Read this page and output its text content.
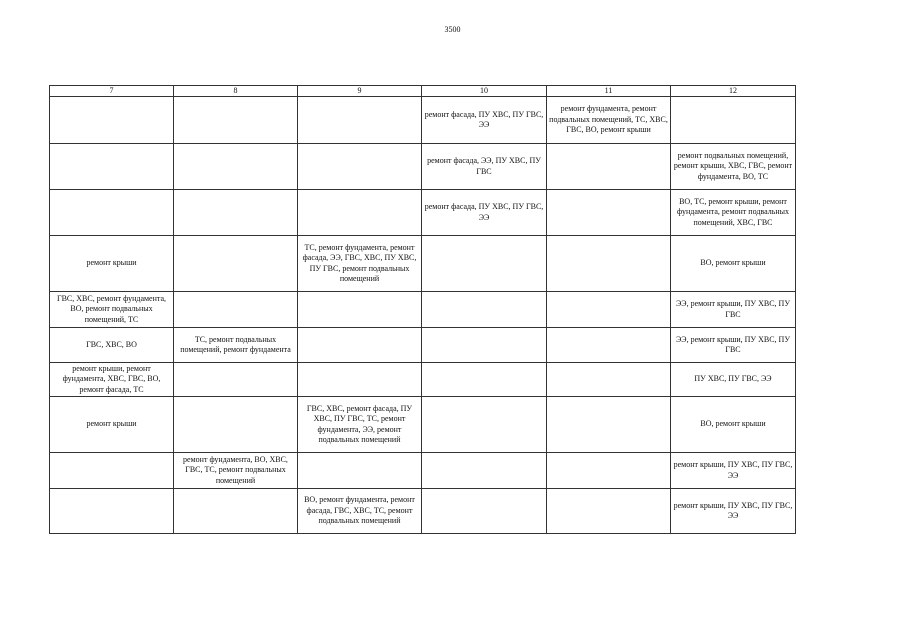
3500
7	8	9	10	11	12
			ремонт фасада, ПУ ХВС, ПУ ГВС, ЭЭ	ремонт фундамента, ремонт подвальных помещений, ТС, ХВС, ГВС, ВО, ремонт крыши	
			ремонт фасада, ЭЭ, ПУ ХВС, ПУ ГВС		ремонт подвальных помещений, ремонт крыши, ХВС, ГВС, ремонт фундамента, ВО, ТС
			ремонт фасада, ПУ ХВС, ПУ ГВС, ЭЭ		ВО, ТС, ремонт крыши, ремонт фундамента, ремонт подвальных помещений, ХВС, ГВС
ремонт крыши		ТС, ремонт фундамента, ремонт фасада, ЭЭ, ГВС, ХВС, ПУ ХВС, ПУ ГВС, ремонт подвальных помещений			ВО, ремонт крыши
ГВС, ХВС, ремонт фундамента, ВО, ремонт подвальных помещений, ТС					ЭЭ, ремонт крыши, ПУ ХВС, ПУ ГВС
ГВС, ХВС, ВО	ТС, ремонт подвальных помещений, ремонт фундамента				ЭЭ, ремонт крыши, ПУ ХВС, ПУ ГВС
ремонт крыши, ремонт фундамента, ХВС, ГВС, ВО, ремонт фасада, ТС					ПУ ХВС, ПУ ГВС, ЭЭ
ремонт крыши		ГВС, ХВС, ремонт фасада, ПУ ХВС, ПУ ГВС, ТС, ремонт фундамента, ЭЭ, ремонт подвальных помещений			ВО, ремонт крыши
	ремонт фундамента, ВО, ХВС, ГВС, ТС, ремонт подвальных помещений				ремонт крыши, ПУ ХВС, ПУ ГВС, ЭЭ
		ВО, ремонт фундамента, ремонт фасада, ГВС, ХВС, ТС, ремонт подвальных помещений			ремонт крыши, ПУ ХВС, ПУ ГВС, ЭЭ
